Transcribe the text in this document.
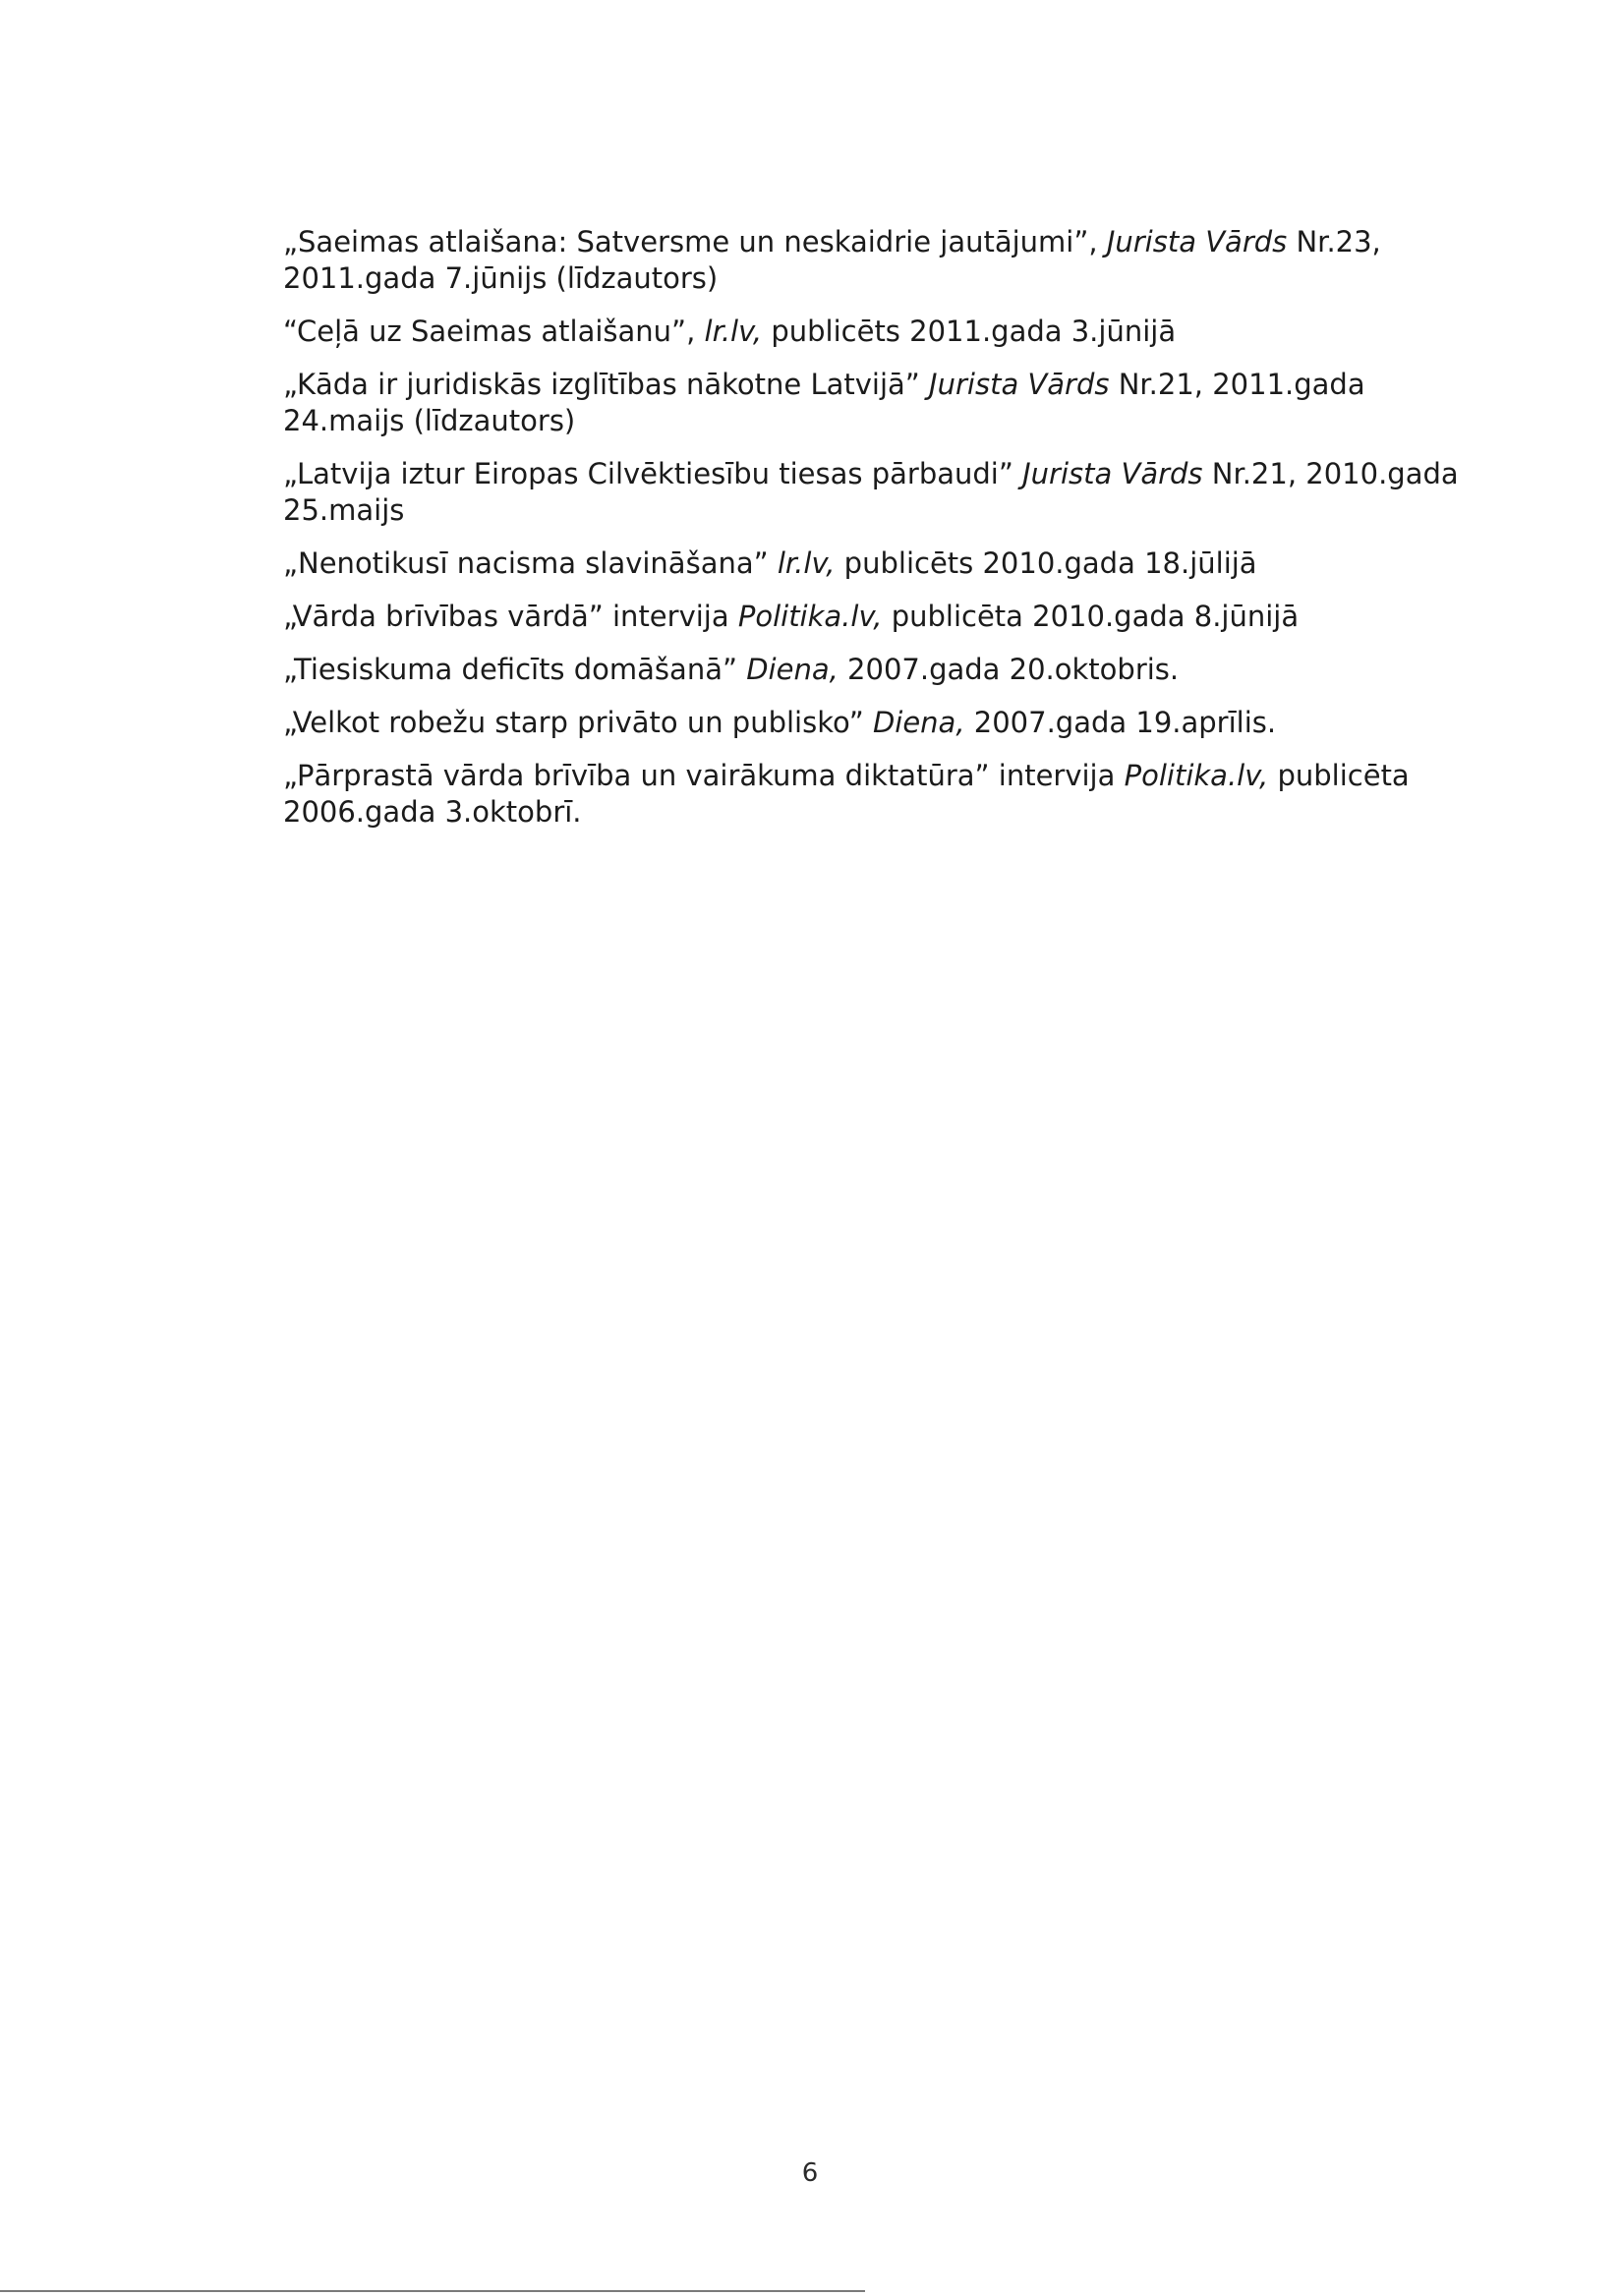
„Saeimas atlaišana: Satversme un neskaidrie jautājumi”, Jurista Vārds Nr.23, 2011.gada 7.jūnijs (līdzautors)
“Ceļā uz Saeimas atlaišanu”, lr.lv, publicēts 2011.gada 3.jūnijā
„Kāda ir juridiskās izglītības nākotne Latvijā” Jurista Vārds Nr.21, 2011.gada 24.maijs (līdzautors)
„Latvija iztur Eiropas Cilvēktiesību tiesas pārbaudi” Jurista Vārds Nr.21, 2010.gada 25.maijs
„Nenotikusī nacisma slavināšana” lr.lv, publicēts 2010.gada 18.jūlijā
„Vārda brīvības vārdā” intervija Politika.lv, publicēta 2010.gada 8.jūnijā
„Tiesiskuma deficīts domāšanā” Diena, 2007.gada 20.oktobris.
„Velkot robežu starp privāto un publisko” Diena, 2007.gada 19.aprīlis.
„Pārprastā vārda brīvība un vairākuma diktatūra” intervija Politika.lv, publicēta 2006.gada 3.oktobrī.
6
